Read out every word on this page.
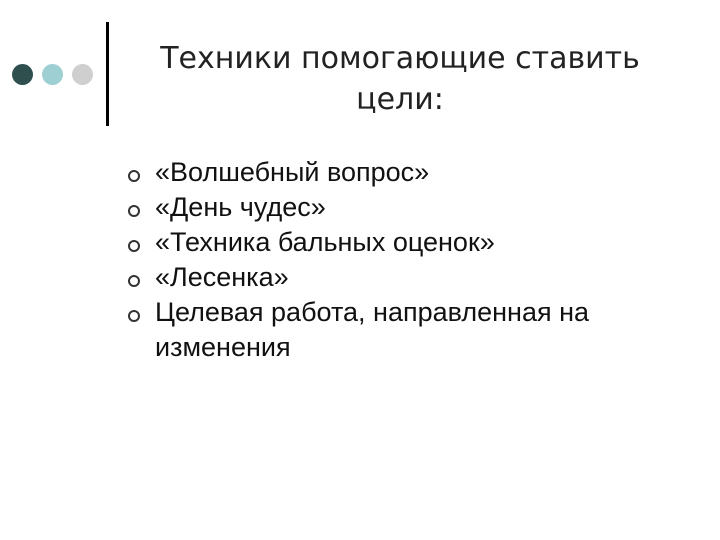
Техники помогающие ставить
цели:
«Волшебный вопрос»
«День чудес»
«Техника бальных оценок»
«Лесенка»
Целевая работа, направленная на изменения
